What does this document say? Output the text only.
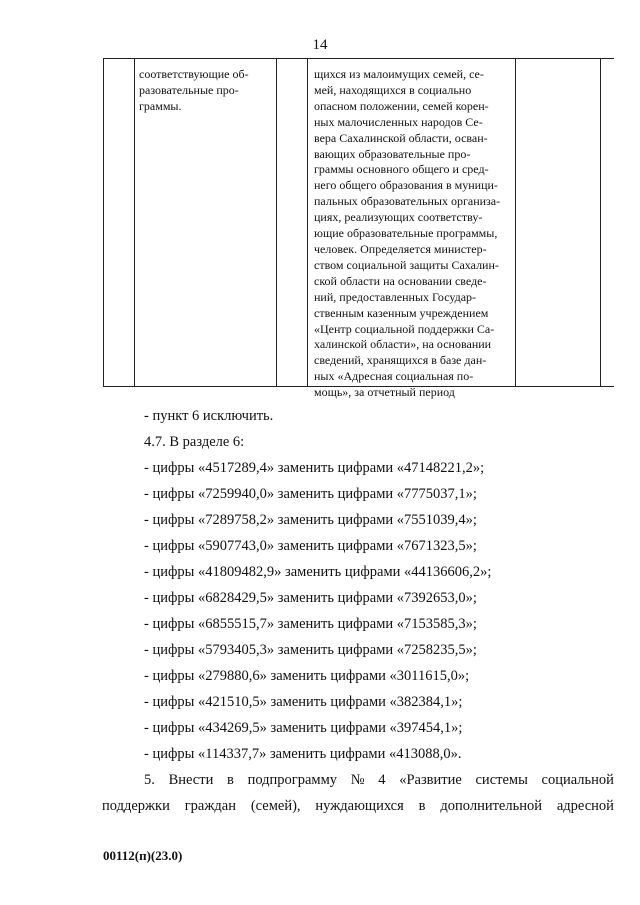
14
соответствующие об-
разовательные про-
граммы.
щихся из малоимущих семей, се-
мей, находящихся в социально
опасном положении, семей корен-
ных малочисленных народов Се-
вера Сахалинской области, осван-
вающих образовательные про-
граммы основного общего и сред-
него общего образования в муници-
пальных образовательных организа-
циях, реализующих соответству-
ющие образовательные программы,
человек. Определяется министер-
ством социальной защиты Сахалин-
ской области на основании сведе-
ний, предоставленных Государ-
ственным казенным учреждением
«Центр социальной поддержки Са-
халинской области», на основании
сведений, хранящихся в базе дан-
ных «Адресная социальная по-
мощь», за отчетный период
- пункт 6 исключить.
4.7. В разделе 6:
- цифры «4517289,4» заменить цифрами «47148221,2»;
- цифры «7259940,0» заменить цифрами «7775037,1»;
- цифры «7289758,2» заменить цифрами «7551039,4»;
- цифры «5907743,0» заменить цифрами «7671323,5»;
- цифры «41809482,9» заменить цифрами «44136606,2»;
- цифры «6828429,5» заменить цифрами «7392653,0»;
- цифры «6855515,7» заменить цифрами «7153585,3»;
- цифры «5793405,3» заменить цифрами «7258235,5»;
- цифры «279880,6» заменить цифрами «3011615,0»;
- цифры «421510,5» заменить цифрами «382384,1»;
- цифры «434269,5» заменить цифрами «397454,1»;
- цифры «114337,7» заменить цифрами «413088,0».
5. Внести в подпрограмму № 4 «Развитие системы социальной
поддержки граждан (семей), нуждающихся в дополнительной адресной
00112(п)(23.0)
